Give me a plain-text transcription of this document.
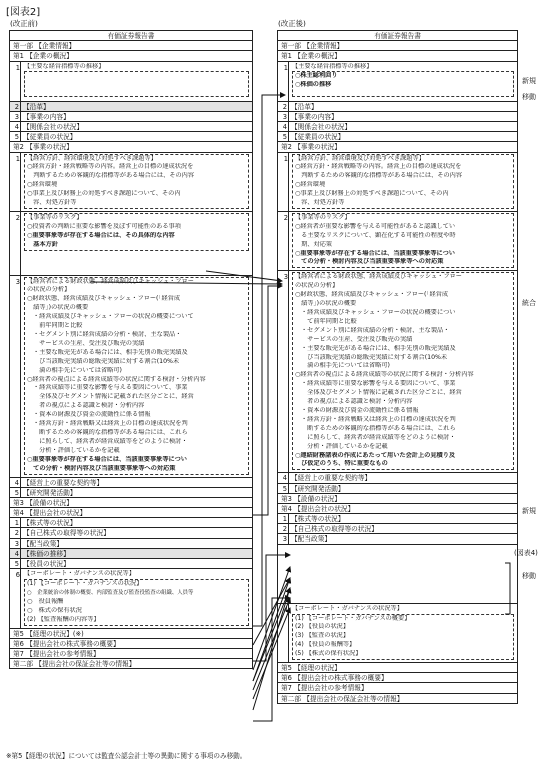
[図表2]
(改正前)	(改正後)
有価証券報告書
第一部 【企業情報】
第1 【企業の概況】
1 【主要な経営指標等の推移】
2 【沿革】
3 【事業の内容】
4 【関係会社の状況】
5 【従業員の状況】
第2 【事業の状況】
1 【経営方針、経営環境及び対処すべき課題等】
○経営方針・経営戦略等の内容。経営上の目標の達成状況を
　判断するための客観的な指標等がある場合には、その内容
○経営環境
○事業上及び財務上の対処すべき課題について、その内
　容、対処方針等
2 【事業等のリスク】
○投資者の判断に重要な影響を及ぼす可能性のある事項
○重要事象等が存在する場合には、その具体的な内容
　基本方針
3 【経営者による財政状態、経営成績及びキャッシュ・フロー
の状況の分析】
○財政状態、経営成績及びキャッシュ・フロー(「経営成
　績等」)の状況の概要
・経営成績及びキャッシュ・フローの状況の概要について
　前年同期と比較
・セグメント別に経営成績の分析・検討、主な製品・
　サービスの生産、受注及び販売の実績
・主要な販売先がある場合には、相手先別の販売実績及
　び当該販売実績の総販売実績に対する割合(10%未
　満の相手先については省略可)
○経営者の視点による経営成績等の状況に関する検討・分析内容
・経営成績等に重要な影響を与える要因について、事業
　全体及びセグメント情報に記載された区分ごとに、経営
　者の視点による認識と検討・分析内容
・資本の財源及び資金の流動性に係る情報
・経営方針・経営戦略又は経営上の目標の達成状況を判
　断するための客観的な指標等がある場合には、これら
　に照らして、経営者が経営成績等をどのように検討・
　分析・評価しているかを記載
○重要事象等が存在する場合には、当該重要事象等につい
　ての分析・検討内容及び当該重要事象等への対応策
4 【経営上の重要な契約等】
5 【研究開発活動】
第3 【設備の状況】
第4 【提出会社の状況】
1 【株式等の状況】
2 【自己株式の取得等の状況】
3 【配当政策】
4 【株価の推移】
5 【役員の状況】
6 【コーポレート・ガバナンスの状況等】
(1) 【コーポレート・ガバナンスの状況】
○　企業統治の体制の概要、内部監査及び監査役監査の組織、人員等
○　役員報酬
○　株式の保有状況
(2) 【監査報酬の内容等】
第5 【経理の状況】(※)
第6 【提出会社の株式事務の概要】
第7 【提出会社の参考情報】
第二部 【提出会社の保証会社等の情報】
有価証券報告書
第一部 【企業情報】
第1 【企業の概況】
1 【主要な経営指標等の推移】
○株主総利回り
○株価の推移
2 【沿革】
3 【事業の内容】
4 【関係会社の状況】
5 【従業員の状況】
第2 【事業の状況】
1 【経営方針、経営環境及び対処すべき課題等】
○経営方針・経営戦略等の内容。経営上の目標の達成状況を
　判断するための客観的な指標等がある場合には、その内容
○経営環境
○事業上及び財務上の対処すべき課題について、その内
　容、対処方針等
2 【事業等のリスク】
○経営者が重要な影響を与える可能性があると認識してい
　る主要なリスクについて、顕在化する可能性の程度や時
　期、対応策
○重要事象等が存在する場合には、当該重要事象等につい
　ての分析・検討内容及び当該重要事象等への対応策
3 【経営者による財政状態、経営成績及びキャッシュ・フロー
の状況の分析】
○財政状態、経営成績及びキャッシュ・フロー(「経営成
　績等」)の状況の概要
・経営成績及びキャッシュ・フローの状況の概要につい
　て前年同期と比較
・セグメント別に経営成績の分析・検討、主な製品・
　サービスの生産、受注及び販売の実績
・主要な販売先がある場合には、相手先別の販売実績及
　び当該販売実績の総販売実績に対する割合(10%未
　満の相手先については省略可)
○経営者の視点による経営成績等の状況に関する検討・分析内容
・経営成績等に重要な影響を与える要因について、事業
　全体及びセグメント情報に記載された区分ごとに、経営
　者の視点による認識と検討・分析内容
・資本の財源及び資金の流動性に係る情報
・経営方針・経営戦略又は経営上の目標の達成状況を判
　断するための客観的な指標等がある場合には、これら
　に照らして、経営者が経営成績等をどのように検討・
　分析・評価しているかを記載
○連結財務諸表の作成にあたって用いた会計上の見積り及
　び仮定のうち、特に重要なもの
4 【経営上の重要な契約等】
5 【研究開発活動】
第3 【設備の状況】
第4 【提出会社の状況】
1 【株式等の状況】
2 【自己株式の取得等の状況】
3 【配当政策】
4 【コーポレート・ガバナンスの状況等】
(1) 【コーポレート・ガバナンスの概要】
(2) 【役員の状況】
(3) 【監査の状況】
(4) 【役員の報酬等】
(5) 【株式の保有状況】
第5 【経理の状況】
第6 【提出会社の株式事務の概要】
第7 【提出会社の参考情報】
第二部 【提出会社の保証会社等の情報】
新規
移動
統合
新規
(図表4)
移動
※第5【経理の状況】については監査公認会計士等の異動に関する事項のみ移動。
